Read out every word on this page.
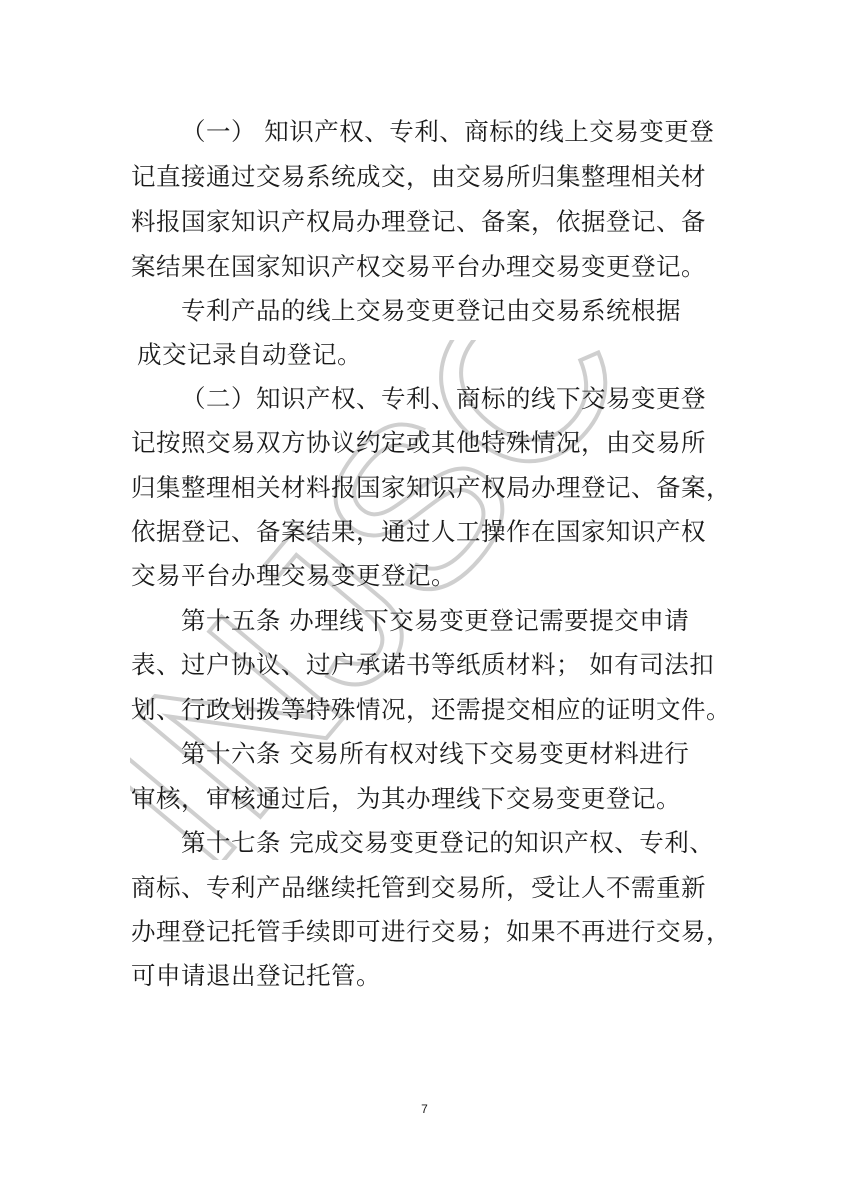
INJSC
（一） 知识产权、专利、商标的线上交易变更登
记直接通过交易系统成交，由交易所归集整理相关材
料报国家知识产权局办理登记、备案，依据登记、备
案结果在国家知识产权交易平台办理交易变更登记。
专利产品的线上交易变更登记由交易系统根据
成交记录自动登记。
（二）知识产权、专利、商标的线下交易变更登
记按照交易双方协议约定或其他特殊情况，由交易所
归集整理相关材料报国家知识产权局办理登记、备案，
依据登记、备案结果，通过人工操作在国家知识产权
交易平台办理交易变更登记。
第十五条 办理线下交易变更登记需要提交申请
表、过户协议、过户承诺书等纸质材料； 如有司法扣
划、行政划拨等特殊情况，还需提交相应的证明文件。
第十六条 交易所有权对线下交易变更材料进行
审核，审核通过后，为其办理线下交易变更登记。
第十七条 完成交易变更登记的知识产权、专利、
商标、专利产品继续托管到交易所，受让人不需重新
办理登记托管手续即可进行交易；如果不再进行交易，
可申请退出登记托管。
7
